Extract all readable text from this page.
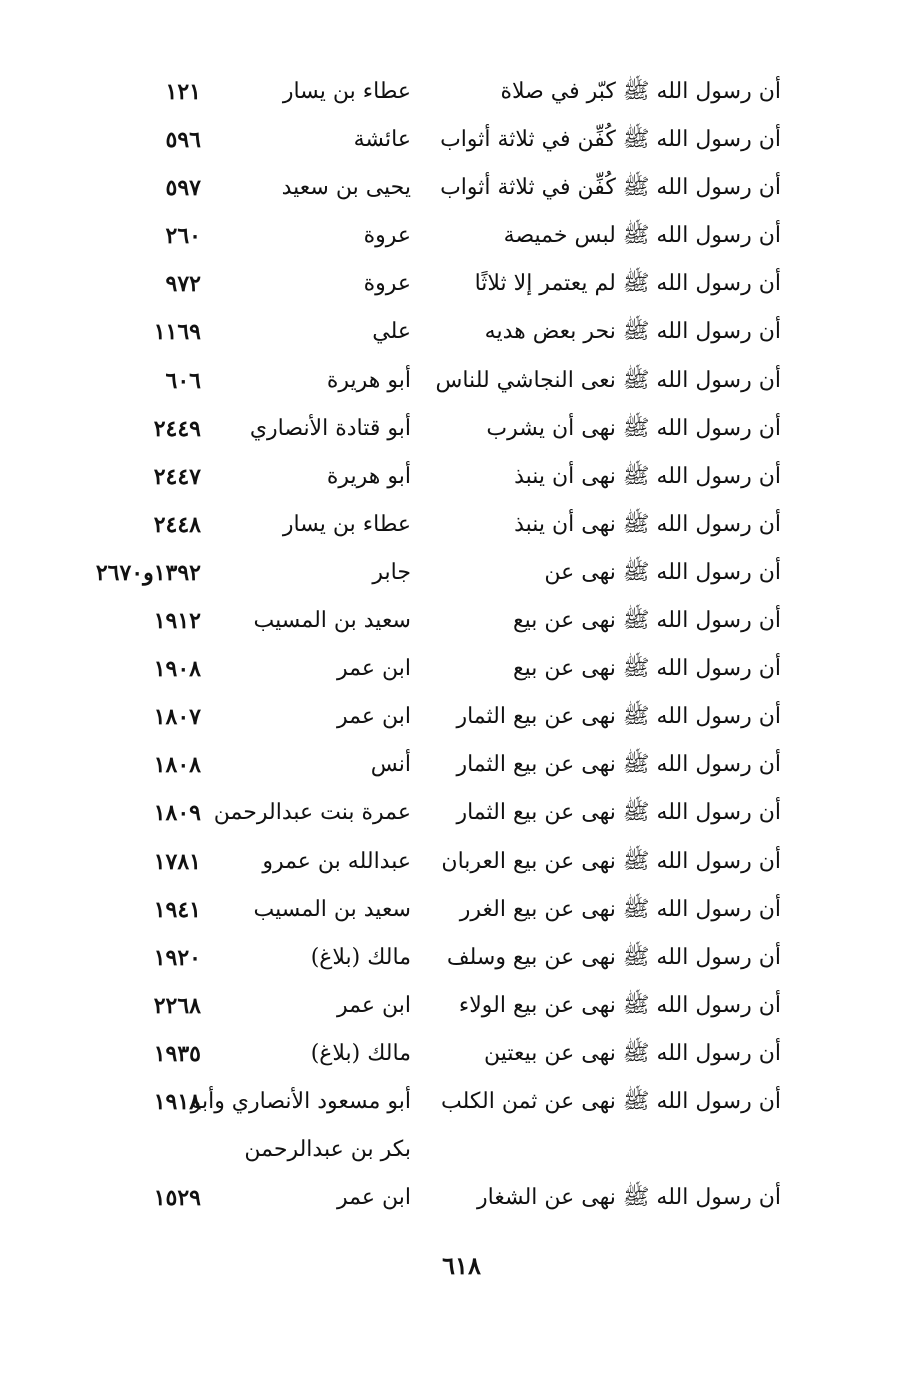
أن رسول الله ﷺ كبّر في صلاة
عطاء بن يسار
١٢١
أن رسول الله ﷺ كُفِّن في ثلاثة أثواب
عائشة
٥٩٦
أن رسول الله ﷺ كُفِّن في ثلاثة أثواب
يحيى بن سعيد
٥٩٧
أن رسول الله ﷺ لبس خميصة
عروة
٢٦٠
أن رسول الله ﷺ لم يعتمر إلا ثلاثًا
عروة
٩٧٢
أن رسول الله ﷺ نحر بعض هديه
علي
١١٦٩
أن رسول الله ﷺ نعى النجاشي للناس
أبو هريرة
٦٠٦
أن رسول الله ﷺ نهى أن يشرب
أبو قتادة الأنصاري
٢٤٤٩
أن رسول الله ﷺ نهى أن ينبذ
أبو هريرة
٢٤٤٧
أن رسول الله ﷺ نهى أن ينبذ
عطاء بن يسار
٢٤٤٨
أن رسول الله ﷺ نهى عن
جابر
١٣٩٢و٢٦٧٠
أن رسول الله ﷺ نهى عن بيع
سعيد بن المسيب
١٩١٢
أن رسول الله ﷺ نهى عن بيع
ابن عمر
١٩٠٨
أن رسول الله ﷺ نهى عن بيع الثمار
ابن عمر
١٨٠٧
أن رسول الله ﷺ نهى عن بيع الثمار
أنس
١٨٠٨
أن رسول الله ﷺ نهى عن بيع الثمار
عمرة بنت عبدالرحمن
١٨٠٩
أن رسول الله ﷺ نهى عن بيع العربان
عبدالله بن عمرو
١٧٨١
أن رسول الله ﷺ نهى عن بيع الغرر
سعيد بن المسيب
١٩٤١
أن رسول الله ﷺ نهى عن بيع وسلف
مالك (بلاغ)
١٩٢٠
أن رسول الله ﷺ نهى عن بيع الولاء
ابن عمر
٢٢٦٨
أن رسول الله ﷺ نهى عن بيعتين
مالك (بلاغ)
١٩٣٥
أن رسول الله ﷺ نهى عن ثمن الكلب
أبو مسعود الأنصاري وأبو
١٩١٨
بكر بن عبدالرحمن
أن رسول الله ﷺ نهى عن الشغار
ابن عمر
١٥٢٩
٦١٨
